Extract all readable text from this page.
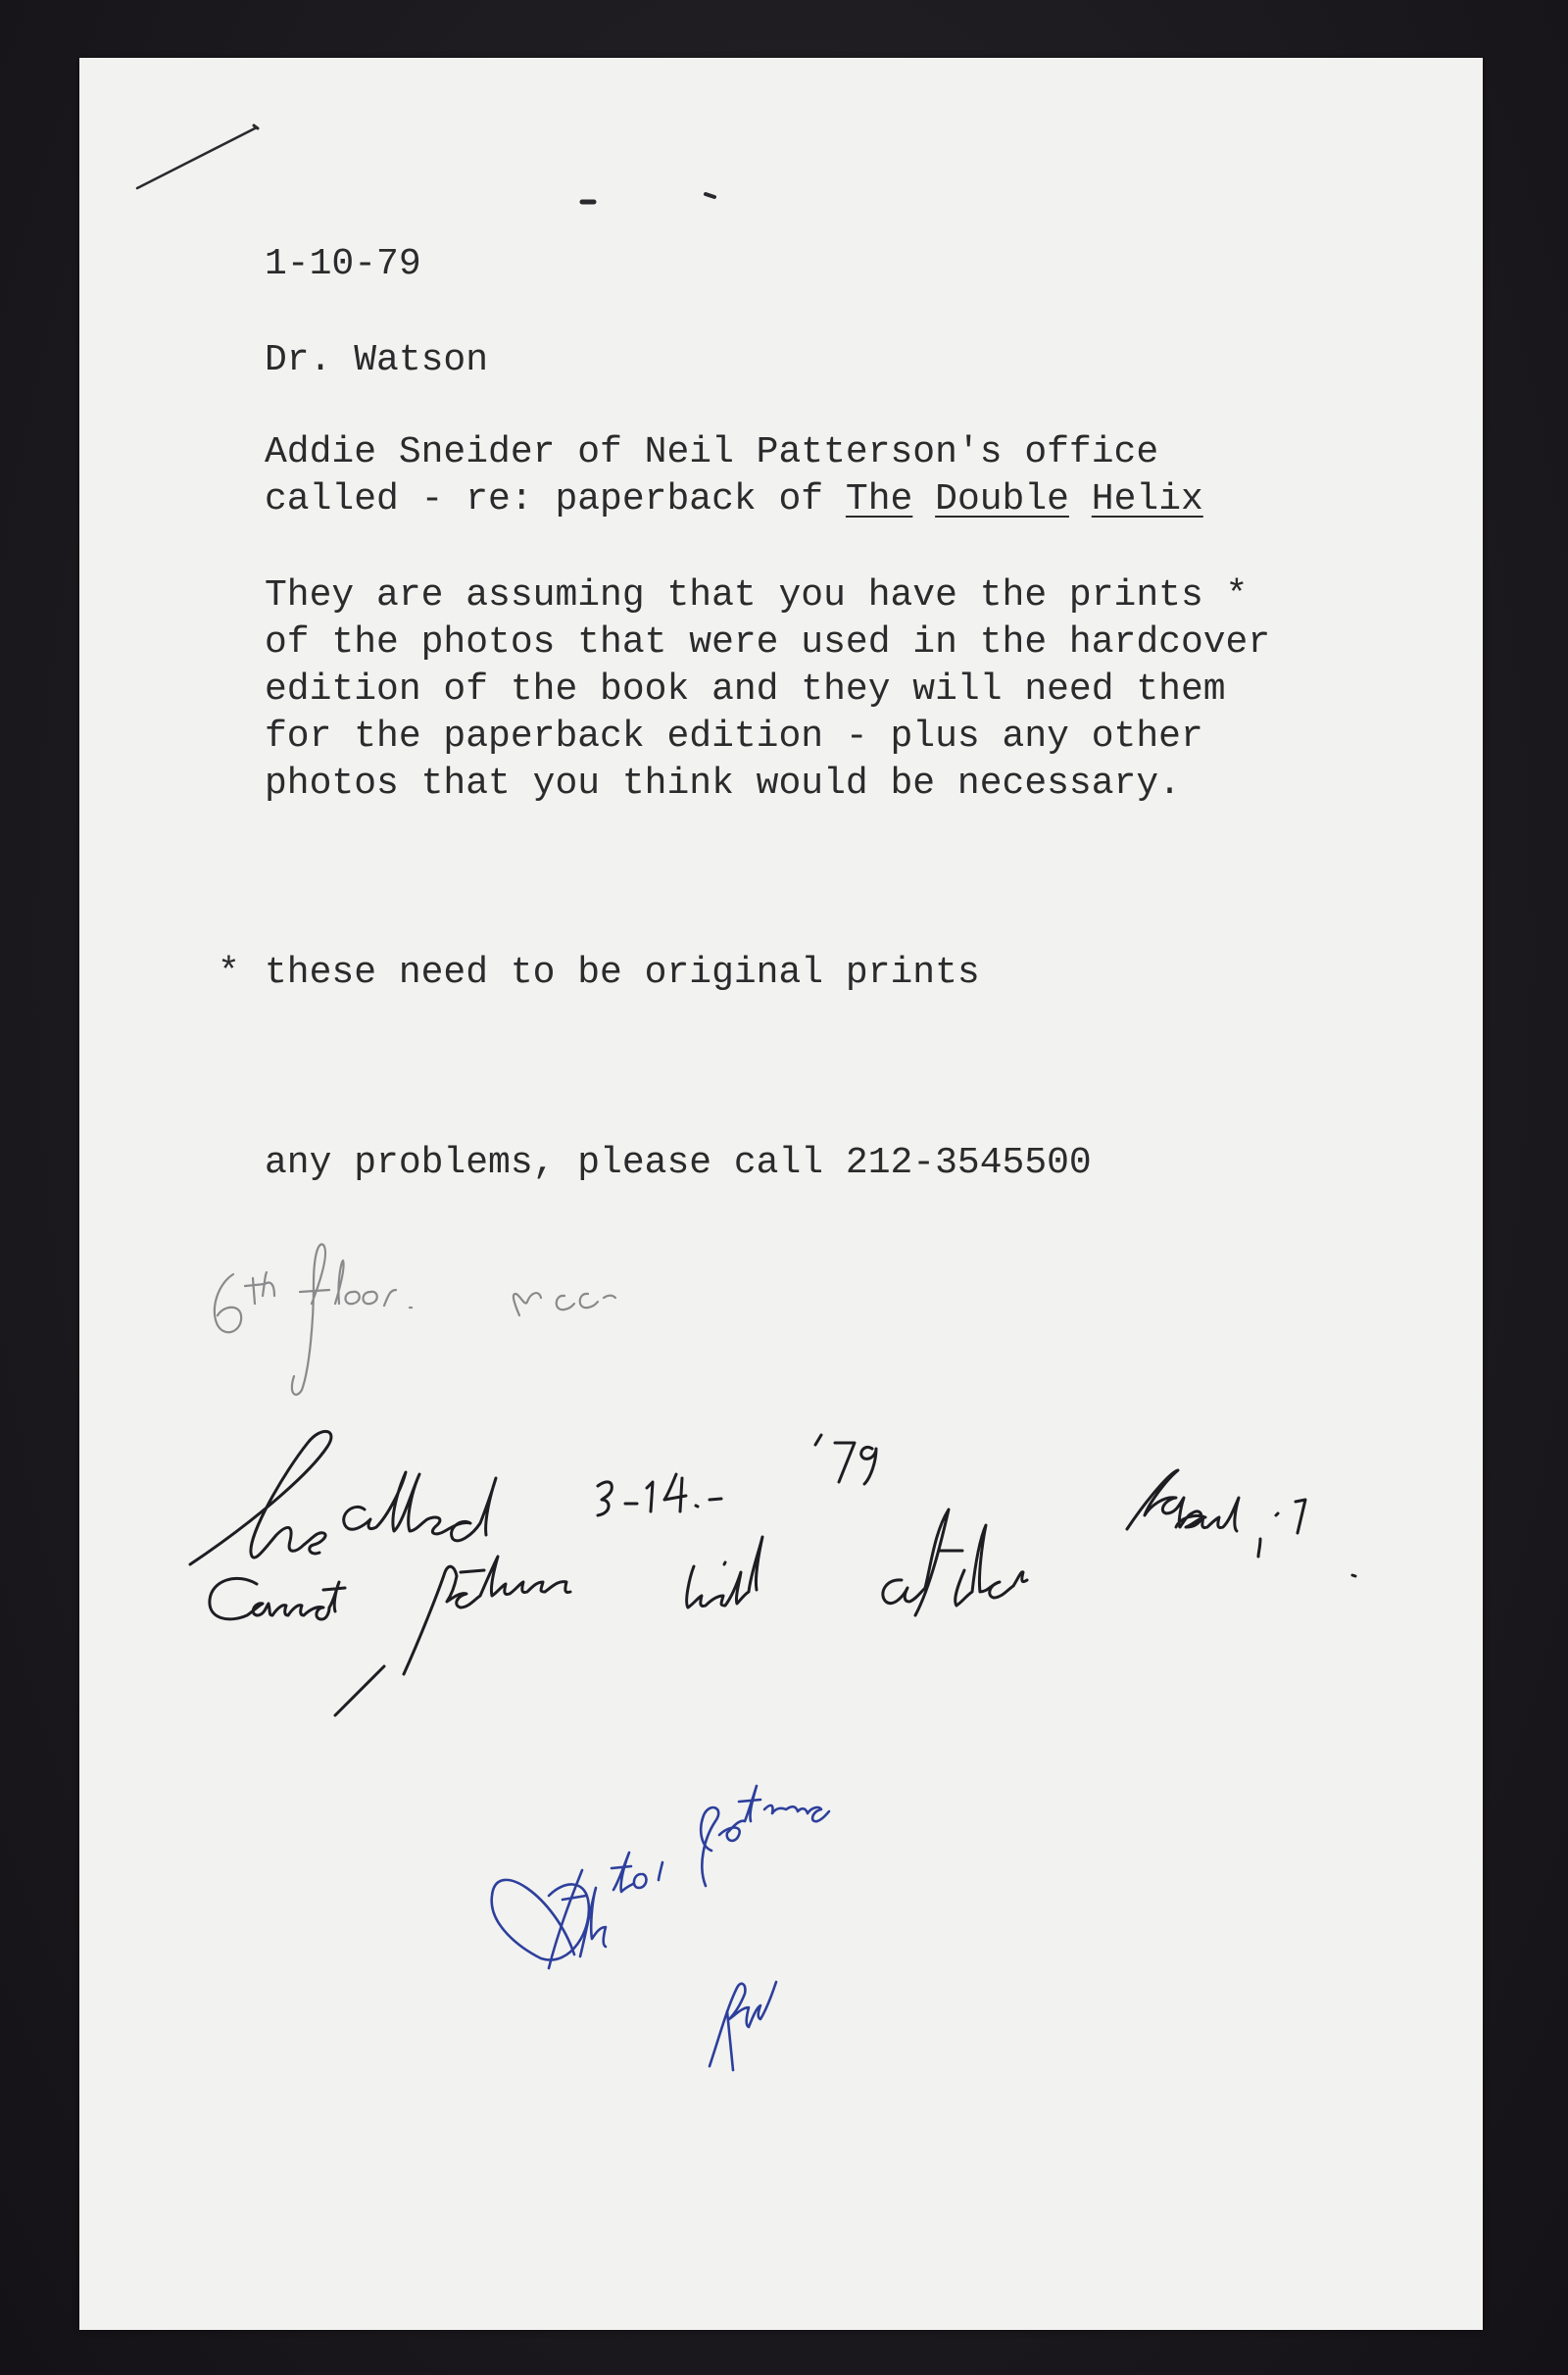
1-10-79

Dr. Watson

Addie Sneider of Neil Patterson's office

called - re: paperback of The Double Helix

They are assuming that you have the prints *

of the photos that were used in the hardcover

edition of the book and they will need them

for the paperback edition - plus any other

photos that you think would be necessary.

* these need to be original prints

any problems, please call 212-3545500
